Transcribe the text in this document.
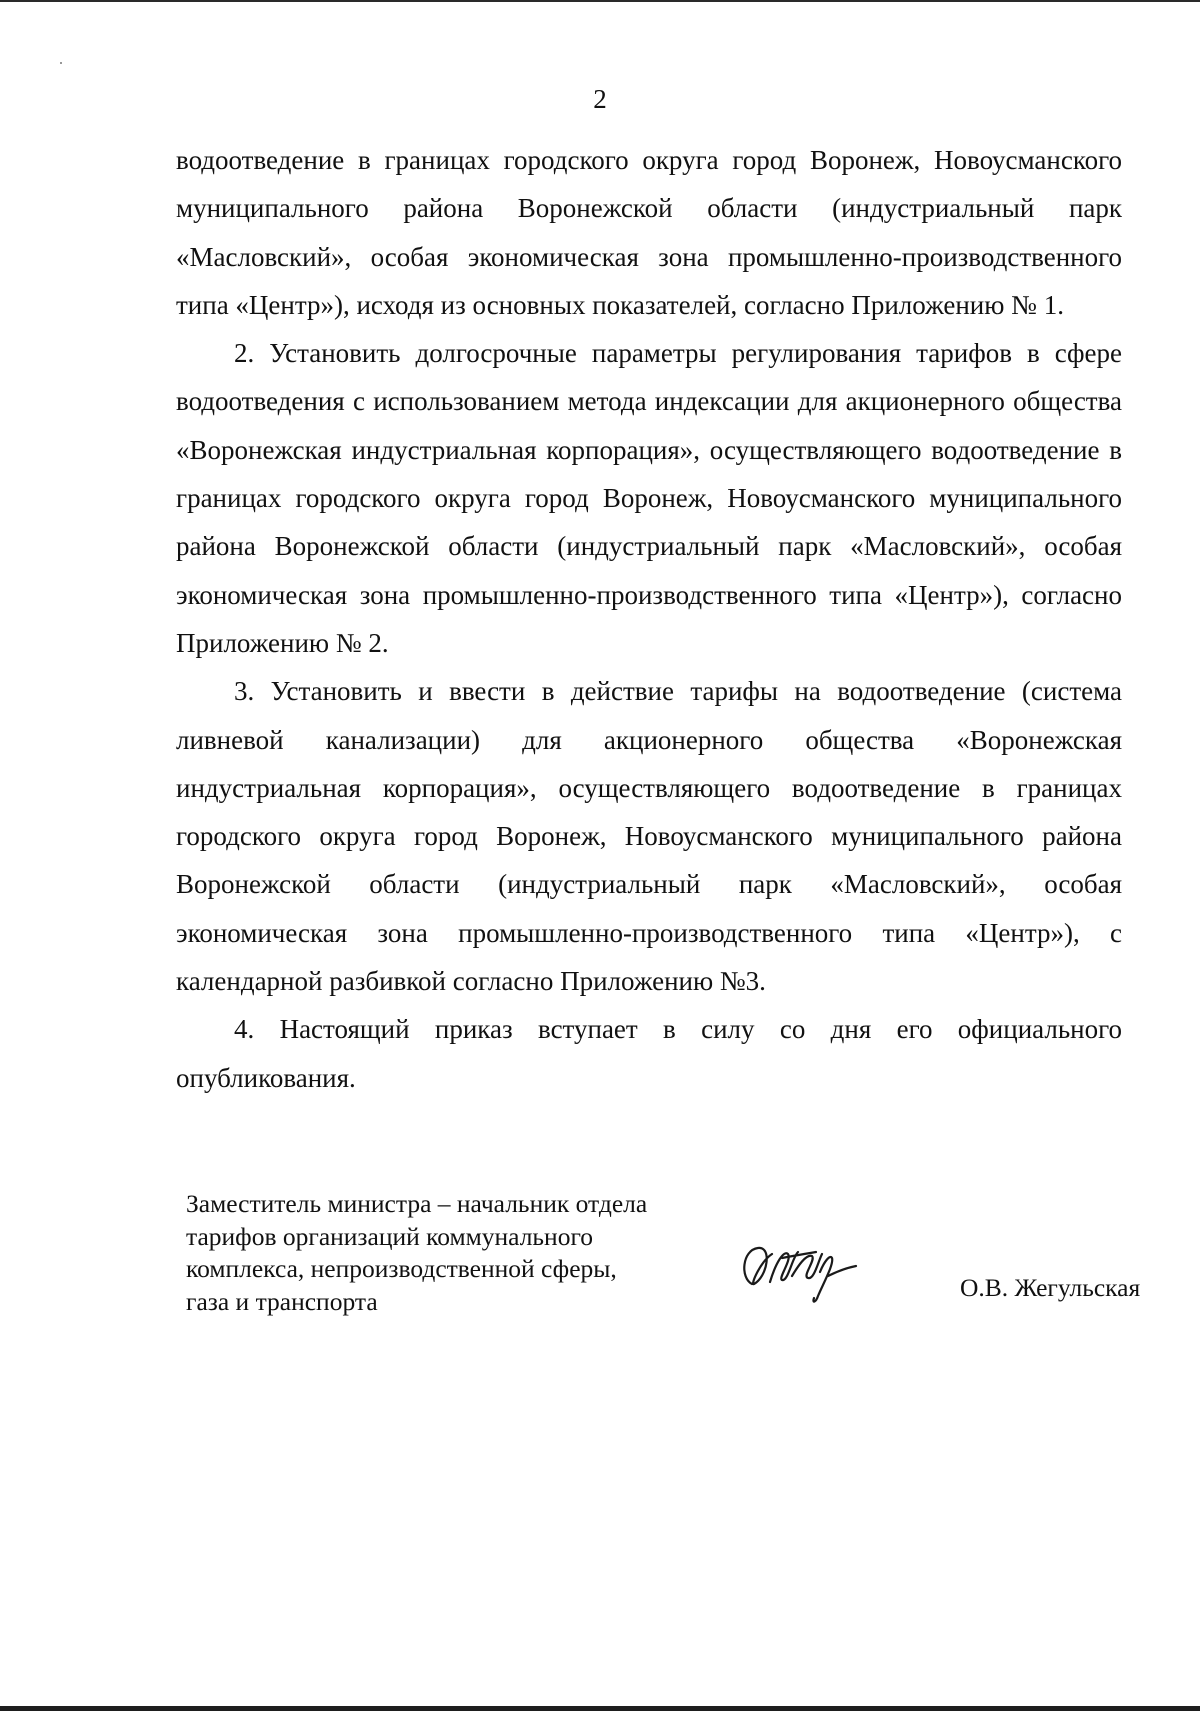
2

водоотведение в границах городского округа город Воронеж, Новоусманского муниципального района Воронежской области (индустриальный парк «Масловский», особая экономическая зона промышленно-производственного типа «Центр»), исходя из основных показателей, согласно Приложению № 1.

2. Установить долгосрочные параметры регулирования тарифов в сфере водоотведения с использованием метода индексации для акционерного общества «Воронежская индустриальная корпорация», осуществляющего водоотведение в границах городского округа город Воронеж, Новоусманского муниципального района Воронежской области (индустриальный парк «Масловский», особая экономическая зона промышленно-производственного типа «Центр»), согласно Приложению № 2.

3. Установить и ввести в действие тарифы на водоотведение (система ливневой канализации) для акционерного общества «Воронежская индустриальная корпорация», осуществляющего водоотведение в границах городского округа город Воронеж, Новоусманского муниципального района Воронежской области (индустриальный парк «Масловский», особая экономическая зона промышленно-производственного типа «Центр»), с календарной разбивкой согласно Приложению №3.

4. Настоящий приказ вступает в силу со дня его официального опубликования.

Заместитель министра – начальник отдела
тарифов организаций коммунального
комплекса, непроизводственной сферы,
газа и транспорта	О.В. Жегульская
